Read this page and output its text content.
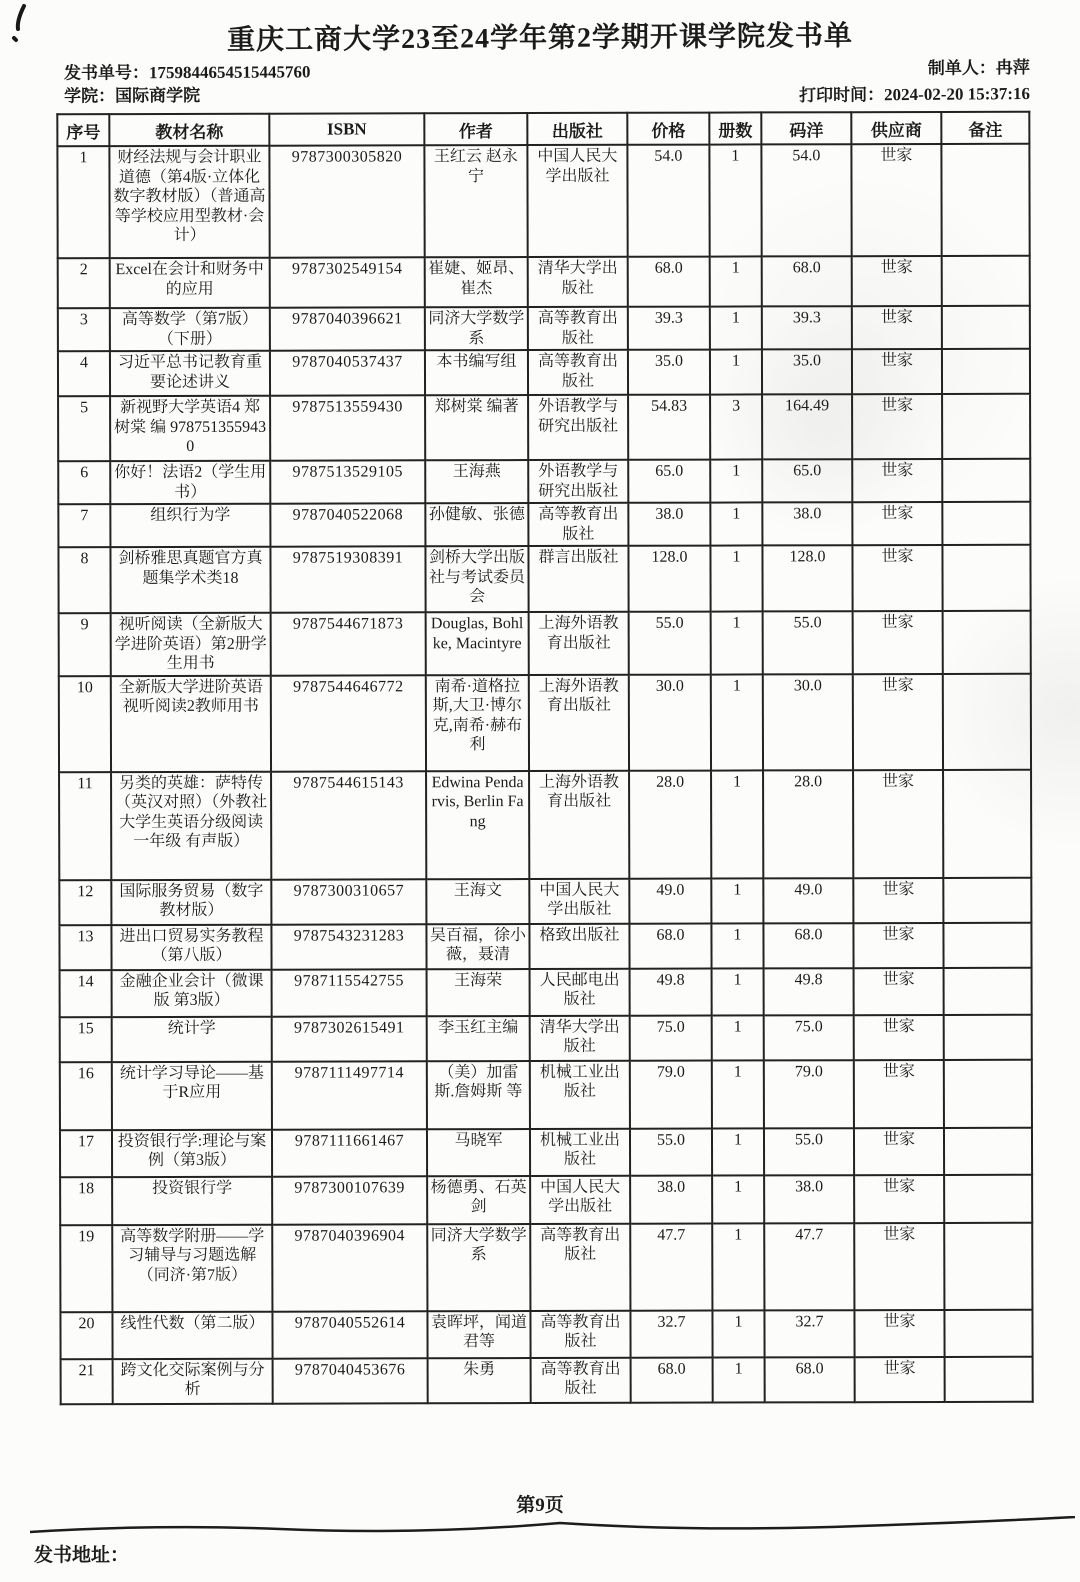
重庆工商大学23至24学年第2学期开课学院发书单
发书单号：1759844654515445760
学院：国际商学院
制单人：冉萍
打印时间：2024-02-20 15:37:16
序号	教材名称	ISBN	作者	出版社	价格	册数	码洋	供应商	备注
1	财经法规与会计职业道德（第4版·立体化数字教材版）（普通高等学校应用型教材·会计）	9787300305820	王红云 赵永宁	中国人民大学出版社	54.0	1	54.0	世家	
2	Excel在会计和财务中的应用	9787302549154	崔婕、姬昂、崔杰	清华大学出版社	68.0	1	68.0	世家	
3	高等数学（第7版）（下册）	9787040396621	同济大学数学系	高等教育出版社	39.3	1	39.3	世家	
4	习近平总书记教育重要论述讲义	9787040537437	本书编写组	高等教育出版社	35.0	1	35.0	世家	
5	新视野大学英语4 郑树棠 编 9787513559430	9787513559430	郑树棠 编著	外语教学与研究出版社	54.83	3	164.49	世家	
6	你好！法语2（学生用书）	9787513529105	王海燕	外语教学与研究出版社	65.0	1	65.0	世家	
7	组织行为学	9787040522068	孙健敏、张德	高等教育出版社	38.0	1	38.0	世家	
8	剑桥雅思真题官方真题集学术类18	9787519308391	剑桥大学出版社与考试委员会	群言出版社	128.0	1	128.0	世家	
9	视听阅读（全新版大学进阶英语）第2册学生用书	9787544671873	Douglas, Bohlke, Macintyre	上海外语教育出版社	55.0	1	55.0	世家	
10	全新版大学进阶英语视听阅读2教师用书	9787544646772	南希·道格拉斯,大卫·博尔克,南希·赫布利	上海外语教育出版社	30.0	1	30.0	世家	
11	另类的英雄：萨特传（英汉对照）（外教社大学生英语分级阅读一年级 有声版）	9787544615143	Edwina Pendarvis, Berlin Fang	上海外语教育出版社	28.0	1	28.0	世家	
12	国际服务贸易（数字教材版）	9787300310657	王海文	中国人民大学出版社	49.0	1	49.0	世家	
13	进出口贸易实务教程（第八版）	9787543231283	吴百福，徐小薇，聂清	格致出版社	68.0	1	68.0	世家	
14	金融企业会计（微课版 第3版）	9787115542755	王海荣	人民邮电出版社	49.8	1	49.8	世家	
15	统计学	9787302615491	李玉红主编	清华大学出版社	75.0	1	75.0	世家	
16	统计学习导论——基于R应用	9787111497714	（美）加雷斯.詹姆斯 等	机械工业出版社	79.0	1	79.0	世家	
17	投资银行学:理论与案例（第3版）	9787111661467	马晓军	机械工业出版社	55.0	1	55.0	世家	
18	投资银行学	9787300107639	杨德勇、石英剑	中国人民大学出版社	38.0	1	38.0	世家	
19	高等数学附册——学习辅导与习题选解（同济·第7版）	9787040396904	同济大学数学系	高等教育出版社	47.7	1	47.7	世家	
20	线性代数（第二版）	9787040552614	袁晖坪，闻道君等	高等教育出版社	32.7	1	32.7	世家	
21	跨文化交际案例与分析	9787040453676	朱勇	高等教育出版社	68.0	1	68.0	世家	
第9页
发书地址：
